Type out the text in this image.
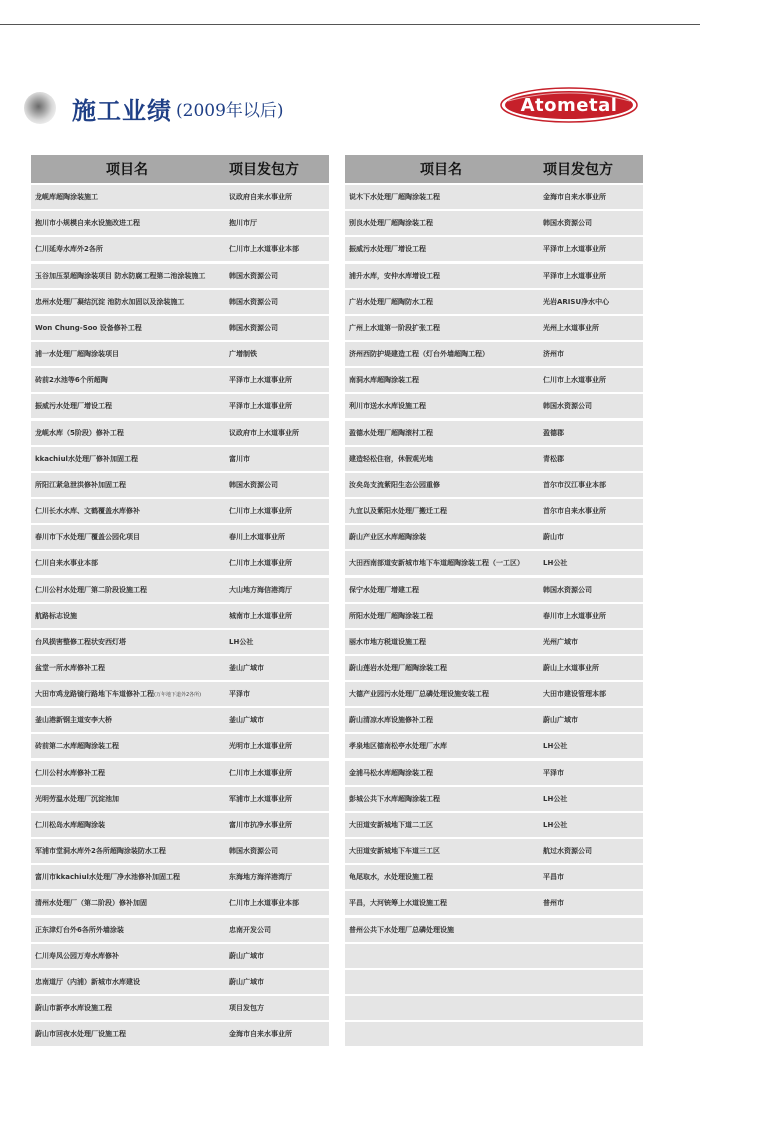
施工业绩 (2009年以后)	Atometal
项目名	项目发包方
龙岘库超陶涂装施工	议政府自来水事业所
抱川市小规模自来水设施改进工程	抱川市厅
仁川延寿水库外2各所	仁川市上水道事业本部
玉谷加压泵超陶涂装项目 防水防腐工程第二池涂装施工	韩国水资源公司
忠州水处理厂凝结沉淀 池防水加固以及涂装施工	韩国水资源公司
Won Chung-Soo 设备修补工程	韩国水资源公司
浦一水处理厂超陶涂装项目	广增制铁
砖前2水池等6个所超陶	平泽市上水道事业所
振威污水处理厂增设工程	平泽市上水道事业所
龙岘水库（5阶段）修补工程	议政府市上水道事业所
kkachiul水处理厂修补加固工程	富川市
所阳江紧急泄洪修补加固工程	韩国水资源公司
仁川长水水库、文鹤覆盖水库修补	仁川市上水道事业所
春川市下水处理厂覆盖公园化项目	春川上水道事业所
仁川自来水事业本部	仁川市上水道事业所
仁川公村水处理厂第二阶段设施工程	大山地方海信港湾厅
航路标志设施	城南市上水道事业所
台风损害整修工程状安西灯塔	LH公社
盆堂一所水库修补工程	釜山广域市
大田市鸡龙路镜行路地下车道修补工程(万年地下道外2各所)	平泽市
釜山港新钢主道安李大桥	釜山广域市
砖前第二水库超陶涂装工程	光明市上水道事业所
仁川公村水库修补工程	仁川市上水道事业所
光明劳温水处理厂沉淀池加	军浦市上水道事业所
仁川松岛水库超陶涂装	富川市抗净水事业所
军浦市堂洞水库外2各所超陶涂装防水工程	韩国水资源公司
富川市kkachiul水处理厂净水池修补加固工程	东海地方海洋港湾厅
清州水处理厂（第二阶段）修补加固	仁川市上水道事业本部
正东津灯台外6各所外墙涂装	忠南开发公司
仁川寿凤公园万寿水库修补	蔚山广域市
忠南道厅（内浦）新城市水库建设	蔚山广域市
蔚山市新亭水库设施工程	项目发包方
蔚山市回夜水处理厂设施工程	金海市自来水事业所
项目名	项目发包方
说木下水处理厂超陶涂装工程	金海市自来水事业所
别良水处理厂超陶涂装工程	韩国水资源公司
振威污水处理厂增设工程	平泽市上水道事业所
浦升水库，安仲水库增设工程	平泽市上水道事业所
广岩水处理厂超陶防水工程	光岩ARISU净水中心
广州上水道第一阶段扩张工程	光州上水道事业所
济州西防护堤建造工程（灯台外墙超陶工程）	济州市
南洞水库超陶涂装工程	仁川市上水道事业所
利川市送水水库设施工程	韩国水资源公司
盈德水处理厂超陶滚村工程	盈德郡
建造轻松住宿，休假观光地	青松郡
汝矣岛支流紫阳生态公园重修	首尔市汉江事业本部
九宜以及紫阳水处理厂搬迁工程	首尔市自来水事业所
蔚山产业区水库超陶涂装	蔚山市
大田西南部道安新城市地下车道超陶涂装工程（一工区）	LH公社
保宁水处理厂增建工程	韩国水资源公司
所阳水处理厂超陶涂装工程	春川市上水道事业所
丽水市地方税道设施工程	光州广域市
蔚山莲岩水处理厂超陶涂装工程	蔚山上水道事业所
大德产业园污水处理厂总磷处理设施安装工程	大田市建设管理本部
蔚山清凉水库设施修补工程	蔚山广域市
孝泉地区德南松亭水处理厂水库	LH公社
金浦马松水库超陶涂装工程	平泽市
彭城公共下水库超陶涂装工程	LH公社
大田道安新城地下道二工区	LH公社
大田道安新城地下车道三工区	航过水资源公司
龟尾取水，水处理设施工程	平昌市
平昌，大河铳筹上水道设施工程	普州市
普州公共下水处理厂总磷处理设施
